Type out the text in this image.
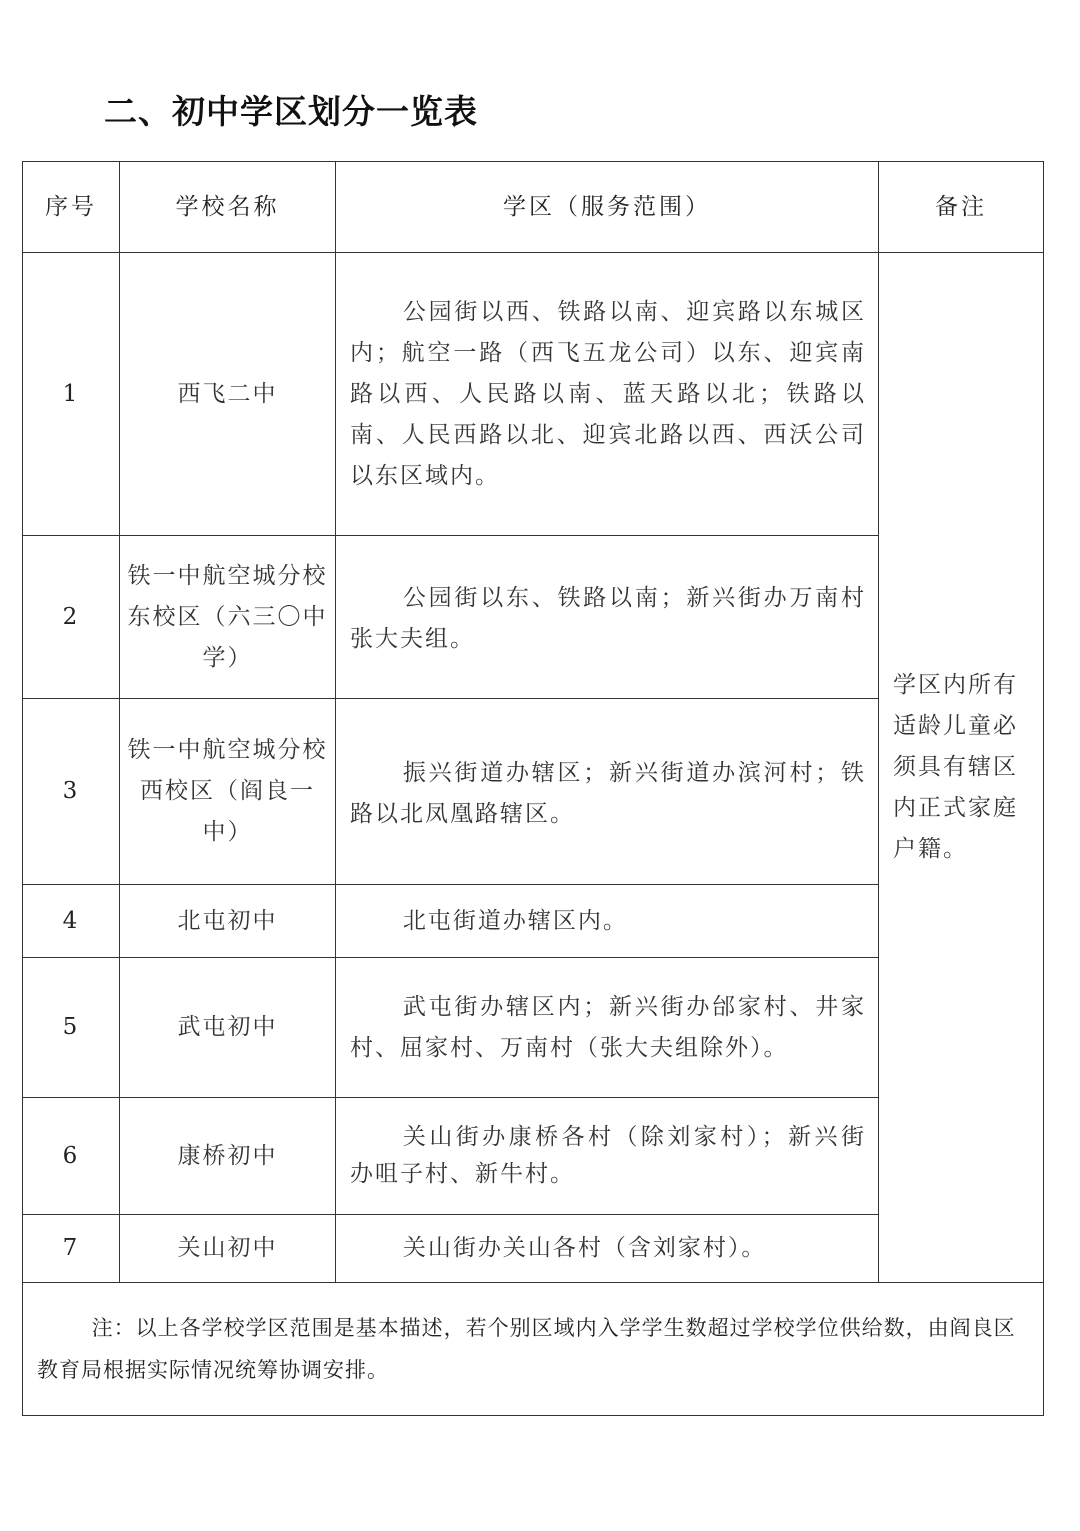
二、初中学区划分一览表
序号	学校名称	学区（服务范围）	备注
1	西飞二中	公园街以西、铁路以南、迎宾路以东城区内；航空一路（西飞五龙公司）以东、迎宾南路以西、人民路以南、蓝天路以北；铁路以南、人民西路以北、迎宾北路以西、西沃公司以东区域内。	学区内所有适龄儿童必须具有辖区内正式家庭户籍。
2	铁一中航空城分校东校区（六三〇中学）	公园街以东、铁路以南；新兴街办万南村张大夫组。	
3	铁一中航空城分校西校区（阎良一中）	振兴街道办辖区；新兴街道办滨河村；铁路以北凤凰路辖区。	
4	北屯初中	北屯街道办辖区内。	
5	武屯初中	武屯街办辖区内；新兴街办邰家村、井家村、屈家村、万南村（张大夫组除外）。	
6	康桥初中	关山街办康桥各村（除刘家村）；新兴街办咀子村、新牛村。	
7	关山初中	关山街办关山各村（含刘家村）。	
注：以上各学校学区范围是基本描述，若个别区域内入学学生数超过学校学位供给数，由阎良区教育局根据实际情况统筹协调安排。			
